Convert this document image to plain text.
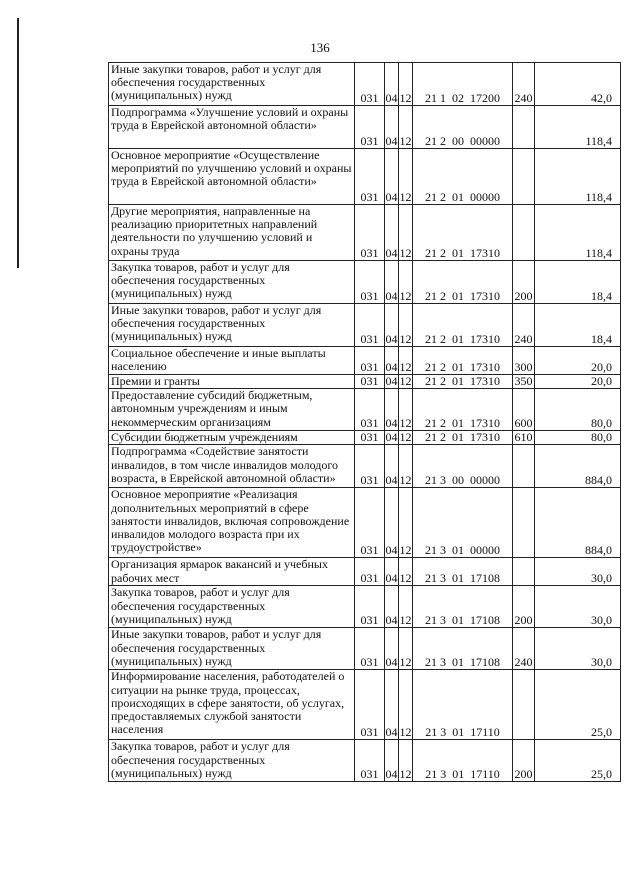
136
Иные закупки товаров, работ и услуг для обеспечения государственных (муниципальных) нужд	031	04	12	21 1  02  17200	240	42,0
Подпрограмма «Улучшение условий и охраны труда в Еврейской автономной области»	031	04	12	21 2  00  00000		118,4
Основное мероприятие «Осуществление мероприятий по улучшению условий и охраны труда в Еврейской автономной области»	031	04	12	21 2  01  00000		118,4
Другие мероприятия, направленные на реализацию приоритетных направлений деятельности по улучшению условий и охраны труда	031	04	12	21 2  01  17310		118,4
Закупка товаров, работ и услуг для обеспечения государственных (муниципальных) нужд	031	04	12	21 2  01  17310	200	18,4
Иные закупки товаров, работ и услуг для обеспечения государственных (муниципальных) нужд	031	04	12	21 2  01  17310	240	18,4
Социальное обеспечение и иные выплаты населению	031	04	12	21 2  01  17310	300	20,0
Премии и гранты	031	04	12	21 2  01  17310	350	20,0
Предоставление субсидий бюджетным, автономным учреждениям и иным некоммерческим организациям	031	04	12	21 2  01  17310	600	80,0
Субсидии бюджетным учреждениям	031	04	12	21 2  01  17310	610	80,0
Подпрограмма «Содействие занятости инвалидов, в том числе инвалидов молодого возраста, в Еврейской автономной области»	031	04	12	21 3  00  00000		884,0
Основное мероприятие «Реализация дополнительных мероприятий в сфере занятости инвалидов, включая сопровождение инвалидов молодого возраста при их трудоустройстве»	031	04	12	21 3  01  00000		884,0
Организация ярмарок вакансий и учебных рабочих мест	031	04	12	21 3  01  17108		30,0
Закупка товаров, работ и услуг для обеспечения государственных (муниципальных) нужд	031	04	12	21 3  01  17108	200	30,0
Иные закупки товаров, работ и услуг для обеспечения государственных (муниципальных) нужд	031	04	12	21 3  01  17108	240	30,0
Информирование населения, работодателей о ситуации на рынке труда, процессах, происходящих в сфере занятости, об услугах, предоставляемых службой занятости населения	031	04	12	21 3  01  17110		25,0
Закупка товаров, работ и услуг для обеспечения государственных (муниципальных) нужд	031	04	12	21 3  01  17110	200	25,0
